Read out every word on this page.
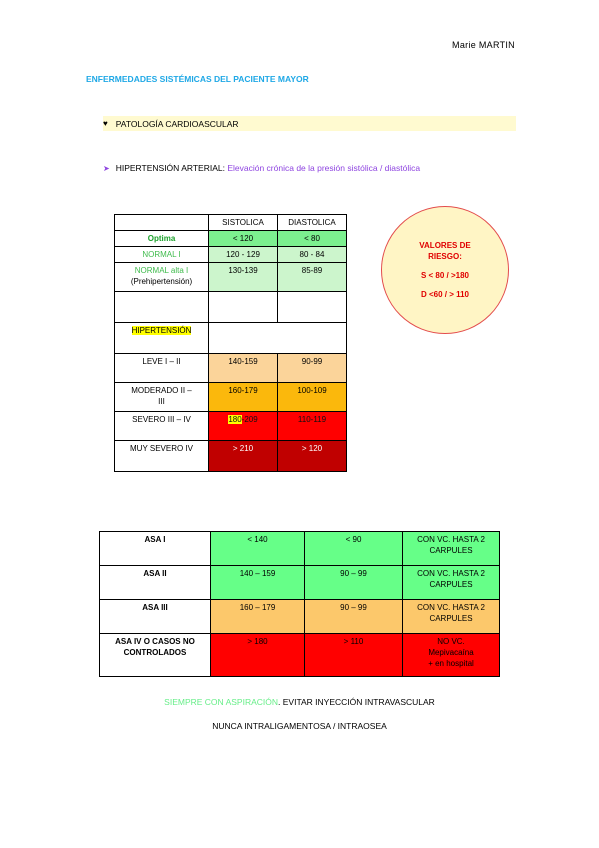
Marie MARTIN
ENFERMEDADES SISTÉMICAS DEL PACIENTE MAYOR
♥ PATOLOGÍA CARDIOASCULAR
➤ HIPERTENSIÓN ARTERIAL: Elevación crónica de la presión sistólica / diastólica
	SISTOLICA	DIASTOLICA
Optima	< 120	< 80
NORMAL I	120 - 129	80 - 84
NORMAL alta I
(Prehipertensión)	130-139	85-89

HIPERTENSIÓN		
LEVE I – II	140-159	90-99
MODERADO II –
III	160-179	100-109
SEVERO III – IV	180-209	110-119
MUY SEVERO IV	> 210	> 120
VALORES DE
RIESGO:
S < 80 / >180
D <60 / > 110
ASA I	< 140	< 90	CON VC. HASTA 2
CARPULES
ASA II	140 – 159	90 – 99	CON VC. HASTA 2
CARPULES
ASA III	160 – 179	90 – 99	CON VC. HASTA 2
CARPULES
ASA IV O CASOS NO
CONTROLADOS	> 180	> 110	NO VC.
Mepivacaína
+ en hospital
SIEMPRE CON ASPIRACIÓN. EVITAR INYECCIÓN INTRAVASCULAR
NUNCA INTRALIGAMENTOSA / INTRAOSEA
